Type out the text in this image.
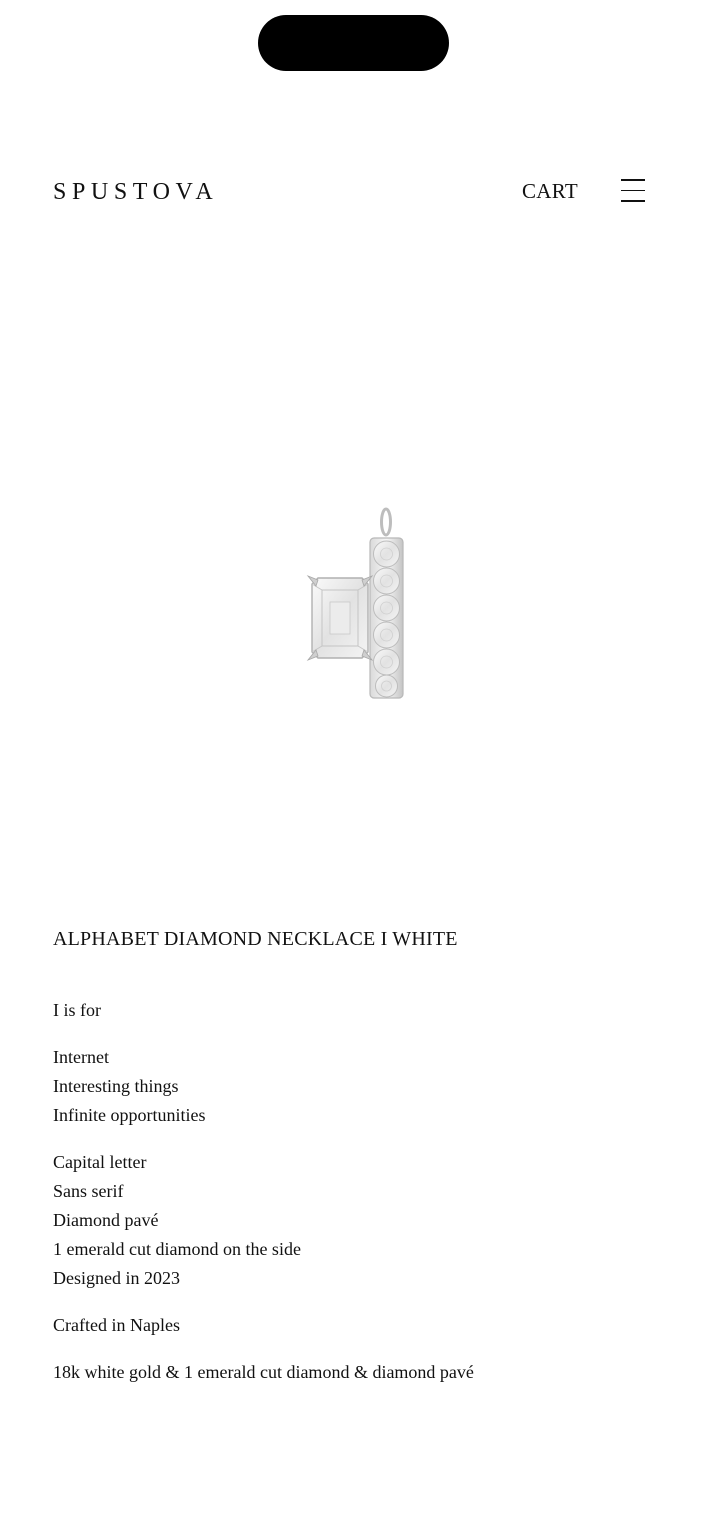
SPUSTOVA	CART
ALPHABET DIAMOND NECKLACE I WHITE
I is for
Internet
Interesting things
Infinite opportunities
Capital letter
Sans serif
Diamond pavé
1 emerald cut diamond on the side
Designed in 2023
Crafted in Naples
18k white gold & 1 emerald cut diamond & diamond pavé
